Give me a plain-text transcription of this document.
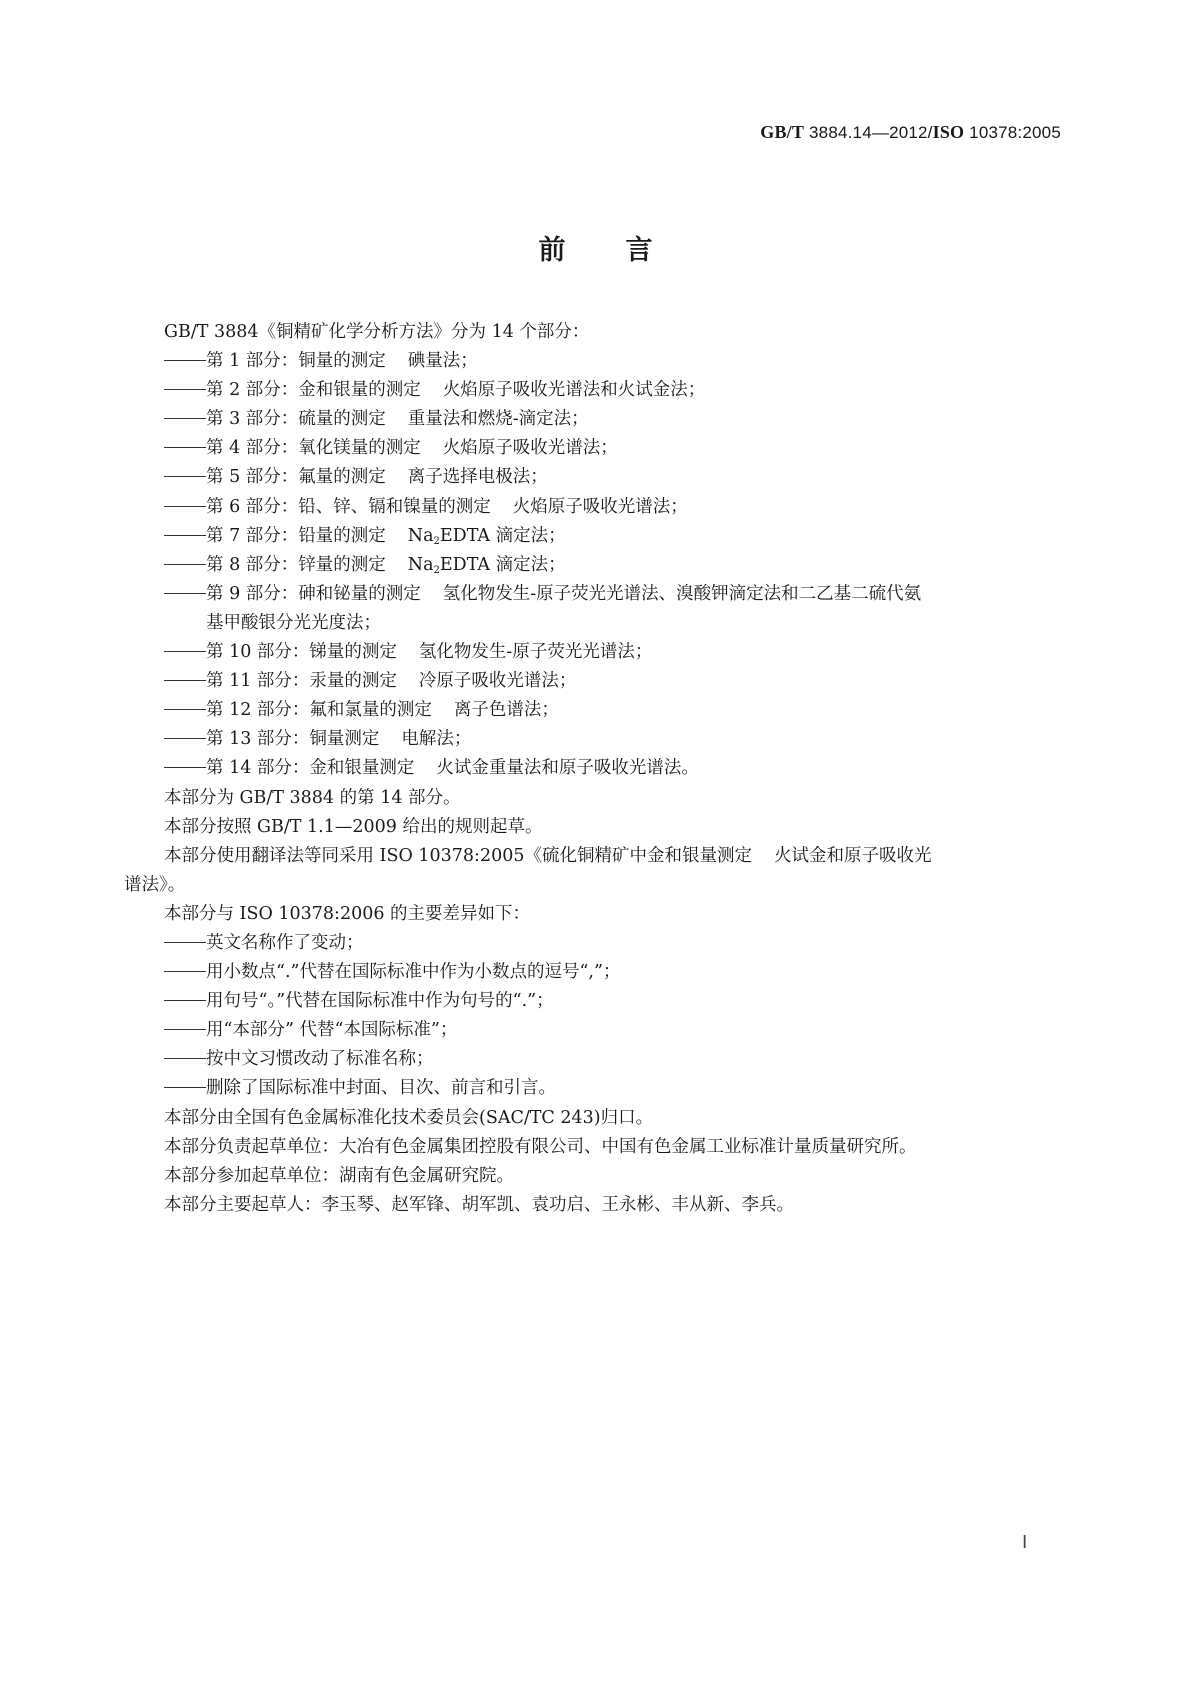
GB/T 3884.14—2012/ISO 10378:2005
前言
GB/T 3884《铜精矿化学分析方法》分为 14 个部分：
第 1 部分：铜量的测定 碘量法；
第 2 部分：金和银量的测定 火焰原子吸收光谱法和火试金法；
第 3 部分：硫量的测定 重量法和燃烧-滴定法；
第 4 部分：氧化镁量的测定 火焰原子吸收光谱法；
第 5 部分：氟量的测定 离子选择电极法；
第 6 部分：铅、锌、镉和镍量的测定 火焰原子吸收光谱法；
第 7 部分：铅量的测定 $Na_2EDTA$ 滴定法；
第 8 部分：锌量的测定 $Na_2EDTA$ 滴定法；
第 9 部分：砷和铋量的测定 氢化物发生-原子荧光光谱法、溴酸钾滴定法和二乙基二硫代氨
基甲酸银分光光度法；
第 10 部分：锑量的测定 氢化物发生-原子荧光光谱法；
第 11 部分：汞量的测定 冷原子吸收光谱法；
第 12 部分：氟和氯量的测定 离子色谱法；
第 13 部分：铜量测定 电解法；
第 14 部分：金和银量测定 火试金重量法和原子吸收光谱法。
本部分为 GB/T 3884 的第 14 部分。
本部分按照 GB/T 1.1—2009 给出的规则起草。
本部分使用翻译法等同采用 ISO 10378:2005《硫化铜精矿中金和银量测定 火试金和原子吸收光
谱法》。
本部分与 ISO 10378:2006 的主要差异如下：
英文名称作了变动；
用小数点“.”代替在国际标准中作为小数点的逗号“,”；
用句号“。”代替在国际标准中作为句号的“.”；
用“本部分” 代替“本国际标准”；
按中文习惯改动了标准名称；
删除了国际标准中封面、目次、前言和引言。
本部分由全国有色金属标准化技术委员会(SAC/TC 243)归口。
本部分负责起草单位：大冶有色金属集团控股有限公司、中国有色金属工业标准计量质量研究所。
本部分参加起草单位：湖南有色金属研究院。
本部分主要起草人：李玉琴、赵军锋、胡军凯、袁功启、王永彬、丰从新、李兵。
I
